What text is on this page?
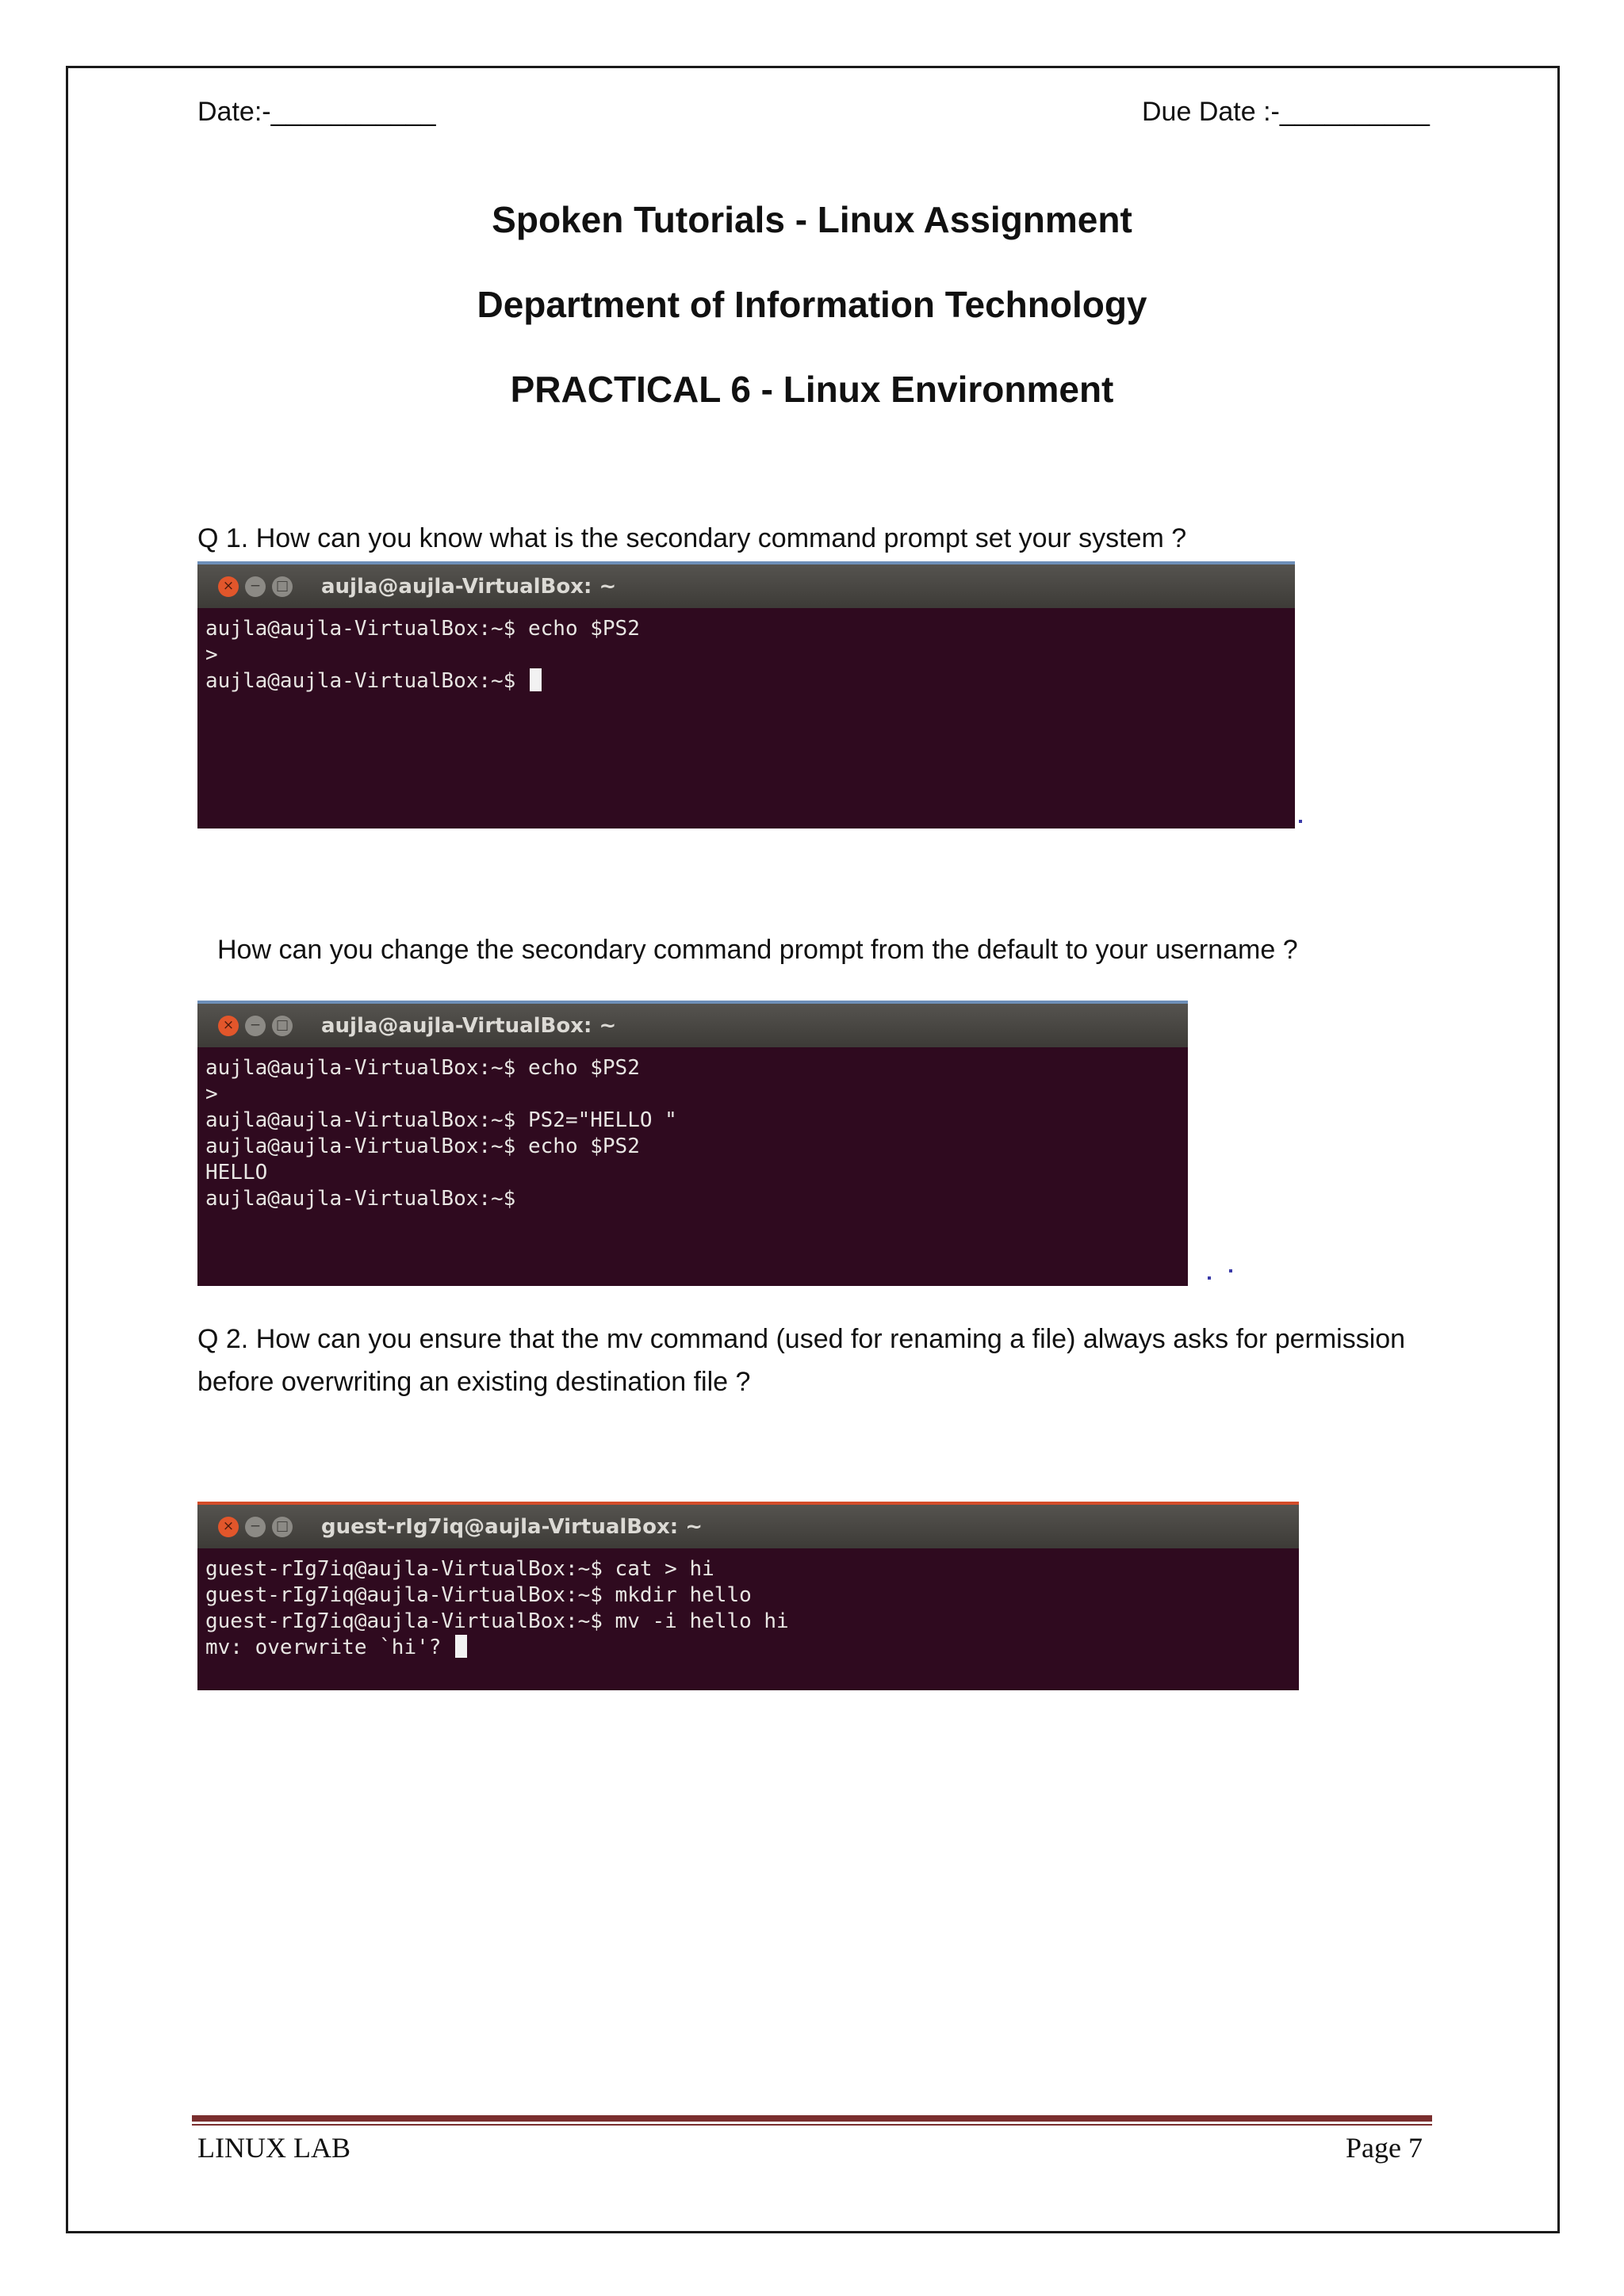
Date:-___________	Due Date :-__________
Spoken Tutorials - Linux Assignment
Department of Information Technology
PRACTICAL 6 - Linux Environment
Q 1. How can you know what is the secondary command prompt set your system ?
×	−	□ aujla@aujla-VirtualBox: ~
aujla@aujla-VirtualBox:~$ echo $PS2
>
aujla@aujla-VirtualBox:~$
How can you change the secondary command prompt from the default to your username ?
×	−	□ aujla@aujla-VirtualBox: ~
aujla@aujla-VirtualBox:~$ echo $PS2
>
aujla@aujla-VirtualBox:~$ PS2="HELLO "
aujla@aujla-VirtualBox:~$ echo $PS2
HELLO
aujla@aujla-VirtualBox:~$
Q 2. How can you ensure that the mv command (used for renaming a file) always asks for permission
before overwriting an existing destination file ?
×	−	□ guest-rIg7iq@aujla-VirtualBox: ~
guest-rIg7iq@aujla-VirtualBox:~$ cat > hi
guest-rIg7iq@aujla-VirtualBox:~$ mkdir hello
guest-rIg7iq@aujla-VirtualBox:~$ mv -i hello hi
mv: overwrite `hi'?
LINUX LAB	Page 7
